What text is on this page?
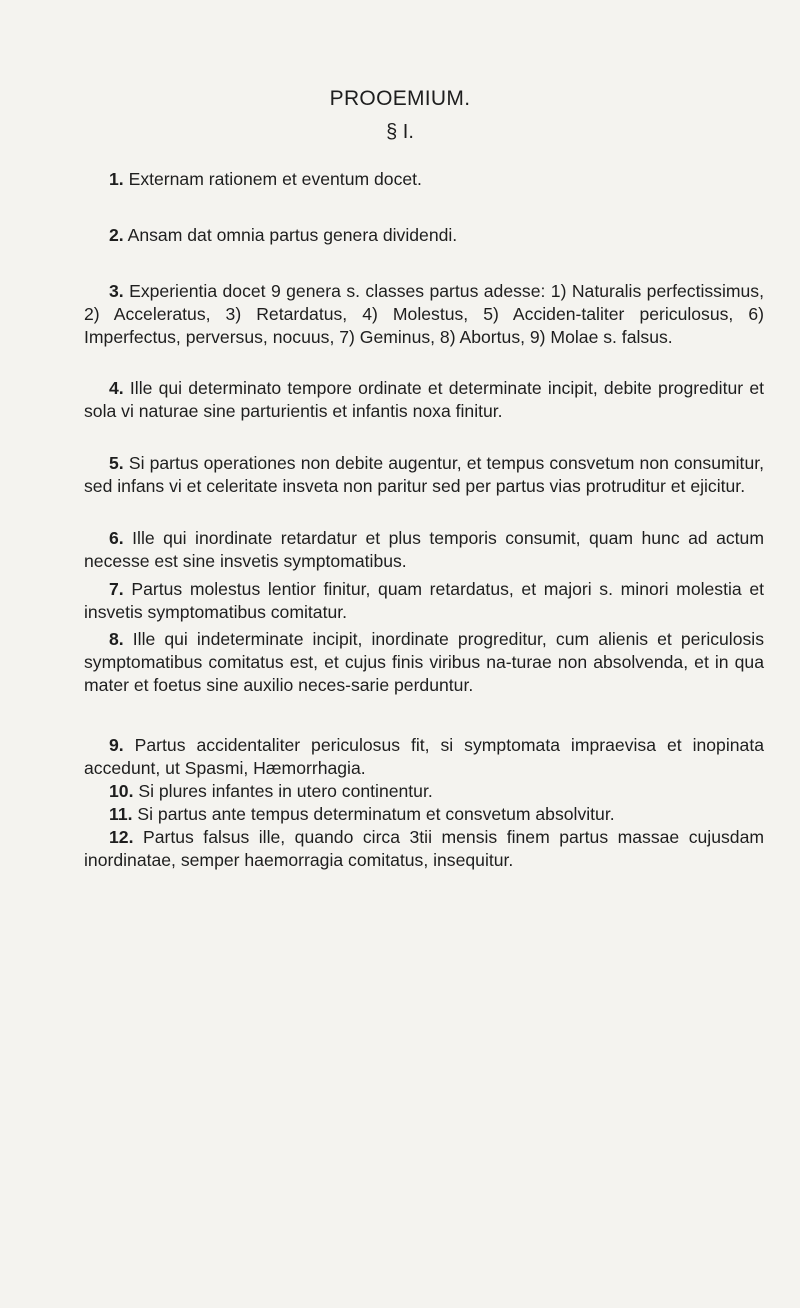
PROOEMIUM.
§ I.

1. Externam rationem et eventum docet.

2. Ansam dat omnia partus genera dividendi.

3. Experientia docet 9 genera s. classes partus adesse: 1) Naturalis perfectissimus, 2) Acceleratus, 3) Retardatus, 4) Molestus, 5) Acciden-taliter periculosus, 6) Imperfectus, perversus, nocuus, 7) Geminus, 8) Abortus, 9) Molae s. falsus.

4. Ille qui determinato tempore ordinate et determinate incipit, debite progreditur et sola vi naturae sine parturientis et infantis noxa finitur.

5. Si partus operationes non debite augentur, et tempus consvetum non consumitur, sed infans vi et celeritate insveta non paritur sed per partus vias protruditur et ejicitur.

6. Ille qui inordinate retardatur et plus temporis consumit, quam hunc ad actum necesse est sine insvetis symptomatibus.

7. Partus molestus lentior finitur, quam retardatus, et majori s. minori molestia et insvetis symptomatibus comitatur.

8. Ille qui indeterminate incipit, inordinate progreditur, cum alienis et periculosis symptomatibus comitatus est, et cujus finis viribus na-turae non absolvenda, et in qua mater et foetus sine auxilio neces-sarie perduntur.

9. Partus accidentaliter periculosus fit, si symptomata impraevisa et inopinata accedunt, ut Spasmi, Hæmorrhagia.

10. Si plures infantes in utero continentur.

11. Si partus ante tempus determinatum et consvetum absolvitur.

12. Partus falsus ille, quando circa 3tii mensis finem partus massae cujusdam inordinatae, semper haemorragia comitatus, insequitur.
